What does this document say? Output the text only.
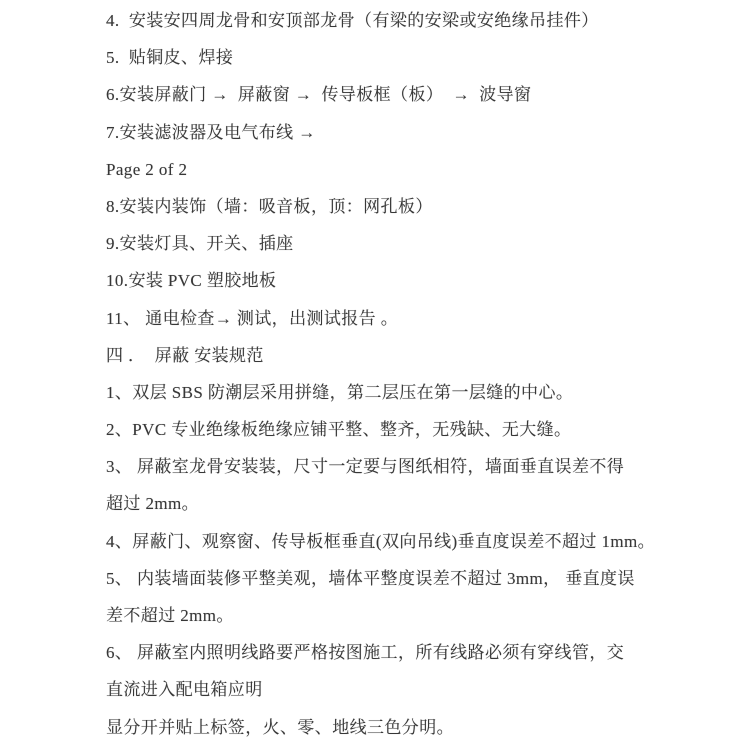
4.  安装安四周龙骨和安顶部龙骨（有梁的安梁或安绝缘吊挂件）
5.  贴铜皮、焊接
6.安装屏蔽门 →  屏蔽窗 →  传导板框（板）  →  波导窗
7.安装滤波器及电气布线 →
Page 2 of 2
8.安装内装饰（墙：吸音板，顶：网孔板）
9.安装灯具、开关、插座
10.安装 PVC 塑胶地板
11、 通电检查→ 测试，出测试报告 。
四 ．  屏蔽 安装规范
1、双层 SBS 防潮层采用拼缝，第二层压在第一层缝的中心。
2、PVC 专业绝缘板绝缘应铺平整、整齐，无残缺、无大缝。
3、 屏蔽室龙骨安装装，尺寸一定要与图纸相符，墙面垂直误差不得
超过 2mm。
4、屏蔽门、观察窗、传导板框垂直(双向吊线)垂直度误差不超过 1mm。
5、 内装墙面装修平整美观，墙体平整度误差不超过 3mm， 垂直度误
差不超过 2mm。
6、 屏蔽室内照明线路要严格按图施工，所有线路必须有穿线管，交
直流进入配电箱应明
显分开并贴上标签，火、零、地线三色分明。
